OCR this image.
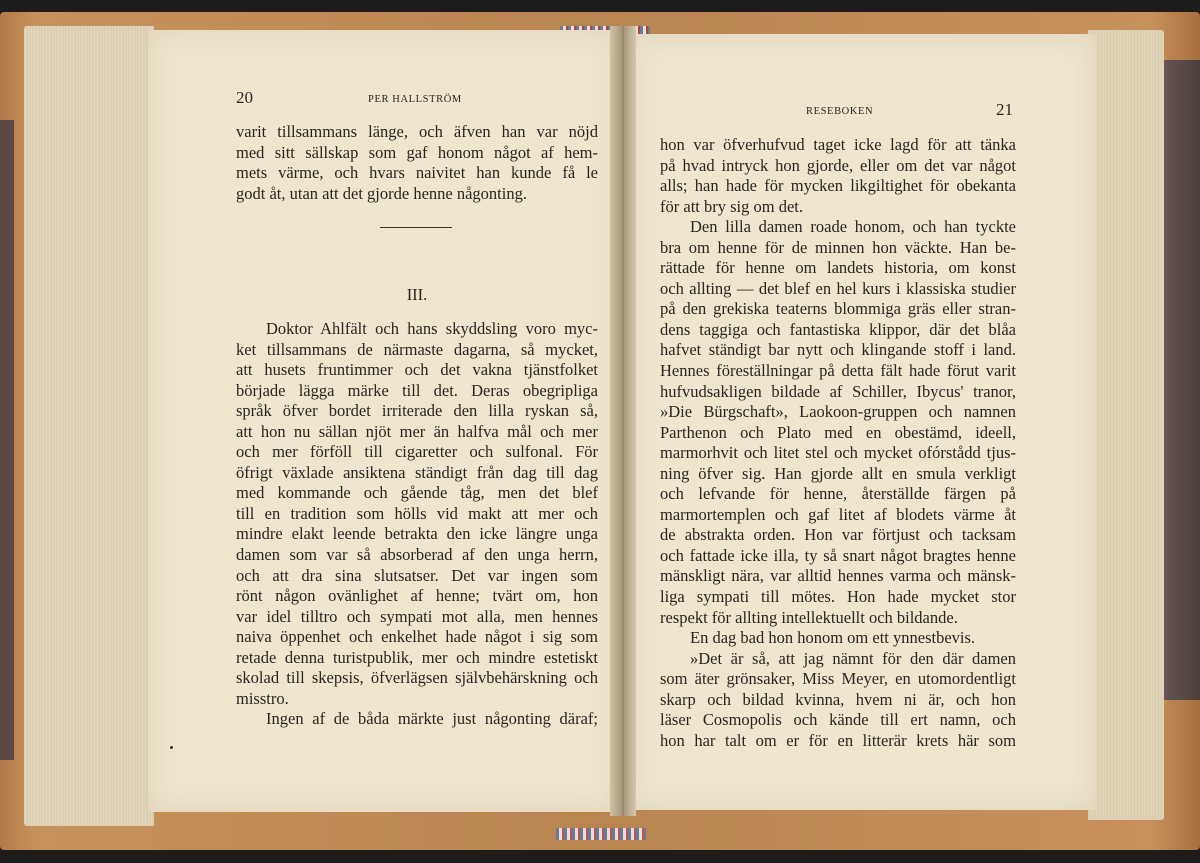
20	PER HALLSTRÖM
varit tillsammans länge, och äfven han var nöjd
med sitt sällskap som gaf honom något af hem-
mets värme, och hvars naivitet han kunde få le
godt åt, utan att det gjorde henne någonting.
III.
Doktor Ahlfält och hans skyddsling voro myc-
ket tillsammans de närmaste dagarna, så mycket,
att husets fruntimmer och det vakna tjänstfolket
började lägga märke till det. Deras obegripliga
språk öfver bordet irriterade den lilla ryskan så,
att hon nu sällan njöt mer än halfva mål och mer
och mer förföll till cigaretter och sulfonal. För
öfrigt växlade ansiktena ständigt från dag till dag
med kommande och gående tåg, men det blef
till en tradition som hölls vid makt att mer och
mindre elakt leende betrakta den icke längre unga
damen som var så absorberad af den unga herrn,
och att dra sina slutsatser. Det var ingen som
rönt någon ovänlighet af henne; tvärt om, hon
var idel tilltro och sympati mot alla, men hennes
naiva öppenhet och enkelhet hade något i sig som
retade denna turistpublik, mer och mindre estetiskt
skolad till skepsis, öfverlägsen självbehärskning och
misstro.
Ingen af de båda märkte just någonting däraf;
RESEBOKEN	21
hon var öfverhufvud taget icke lagd för att tänka
på hvad intryck hon gjorde, eller om det var något
alls; han hade för mycken likgiltighet för obekanta
för att bry sig om det.
Den lilla damen roade honom, och han tyckte
bra om henne för de minnen hon väckte. Han be-
rättade för henne om landets historia, om konst
och allting — det blef en hel kurs i klassiska studier
på den grekiska teaterns blommiga gräs eller stran-
dens taggiga och fantastiska klippor, där det blåa
hafvet ständigt bar nytt och klingande stoff i land.
Hennes föreställningar på detta fält hade förut varit
hufvudsakligen bildade af Schiller, Ibycus' tranor,
»Die Bürgschaft», Laokoon-gruppen och namnen
Parthenon och Plato med en obestämd, ideell,
marmorhvit och litet stel och mycket ofórstådd tjus-
ning öfver sig. Han gjorde allt en smula verkligt
och lefvande för henne, återställde färgen på
marmortemplen och gaf litet af blodets värme åt
de abstrakta orden. Hon var förtjust och tacksam
och fattade icke illa, ty så snart något bragtes henne
mänskligt nära, var alltid hennes varma och mänsk-
liga sympati till mötes. Hon hade mycket stor
respekt för allting intellektuellt och bildande.
En dag bad hon honom om ett ynnestbevis.
»Det är så, att jag nämnt för den där damen
som äter grönsaker, Miss Meyer, en utomordentligt
skarp och bildad kvinna, hvem ni är, och hon
läser Cosmopolis och kände till ert namn, och
hon har talt om er för en litterär krets här som
